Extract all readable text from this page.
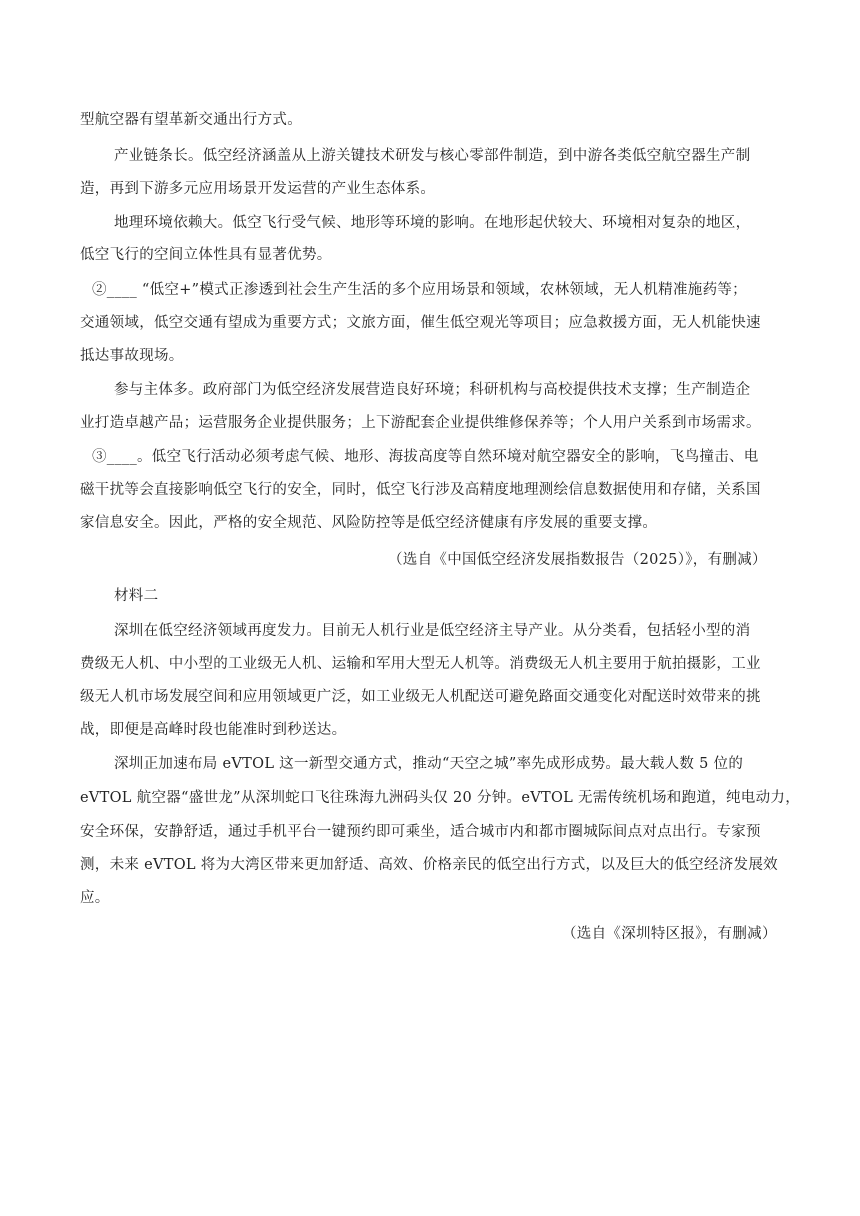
型航空器有望革新交通出行方式。
产业链条长。低空经济涵盖从上游关键技术研发与核心零部件制造，到中游各类低空航空器生产制
造，再到下游多元应用场景开发运营的产业生态体系。
地理环境依赖大。低空飞行受气候、地形等环境的影响。在地形起伏较大、环境相对复杂的地区，
低空飞行的空间立体性具有显著优势。
②____ “低空+”模式正渗透到社会生产生活的多个应用场景和领域，农林领域，无人机精准施药等；
交通领域，低空交通有望成为重要方式；文旅方面，催生低空观光等项目；应急救援方面，无人机能快速
抵达事故现场。
参与主体多。政府部门为低空经济发展营造良好环境；科研机构与高校提供技术支撑；生产制造企
业打造卓越产品；运营服务企业提供服务；上下游配套企业提供维修保养等；个人用户关系到市场需求。
③____。低空飞行活动必须考虑气候、地形、海拔高度等自然环境对航空器安全的影响，飞鸟撞击、电
磁干扰等会直接影响低空飞行的安全，同时，低空飞行涉及高精度地理测绘信息数据使用和存储，关系国
家信息安全。因此，严格的安全规范、风险防控等是低空经济健康有序发展的重要支撑。
（选自《中国低空经济发展指数报告（2025）》，有删减）
材料二
深圳在低空经济领域再度发力。目前无人机行业是低空经济主导产业。从分类看，包括轻小型的消
费级无人机、中小型的工业级无人机、运输和军用大型无人机等。消费级无人机主要用于航拍摄影，工业
级无人机市场发展空间和应用领域更广泛，如工业级无人机配送可避免路面交通变化对配送时效带来的挑
战，即便是高峰时段也能准时到秒送达。
深圳正加速布局 eVTOL 这一新型交通方式，推动“天空之城”率先成形成势。最大载人数 5 位的
eVTOL 航空器“盛世龙”从深圳蛇口飞往珠海九洲码头仅 20 分钟。eVTOL 无需传统机场和跑道，纯电动力，
安全环保，安静舒适，通过手机平台一键预约即可乘坐，适合城市内和都市圈城际间点对点出行。专家预
测，未来 eVTOL 将为大湾区带来更加舒适、高效、价格亲民的低空出行方式，以及巨大的低空经济发展效
应。
（选自《深圳特区报》，有删减）
